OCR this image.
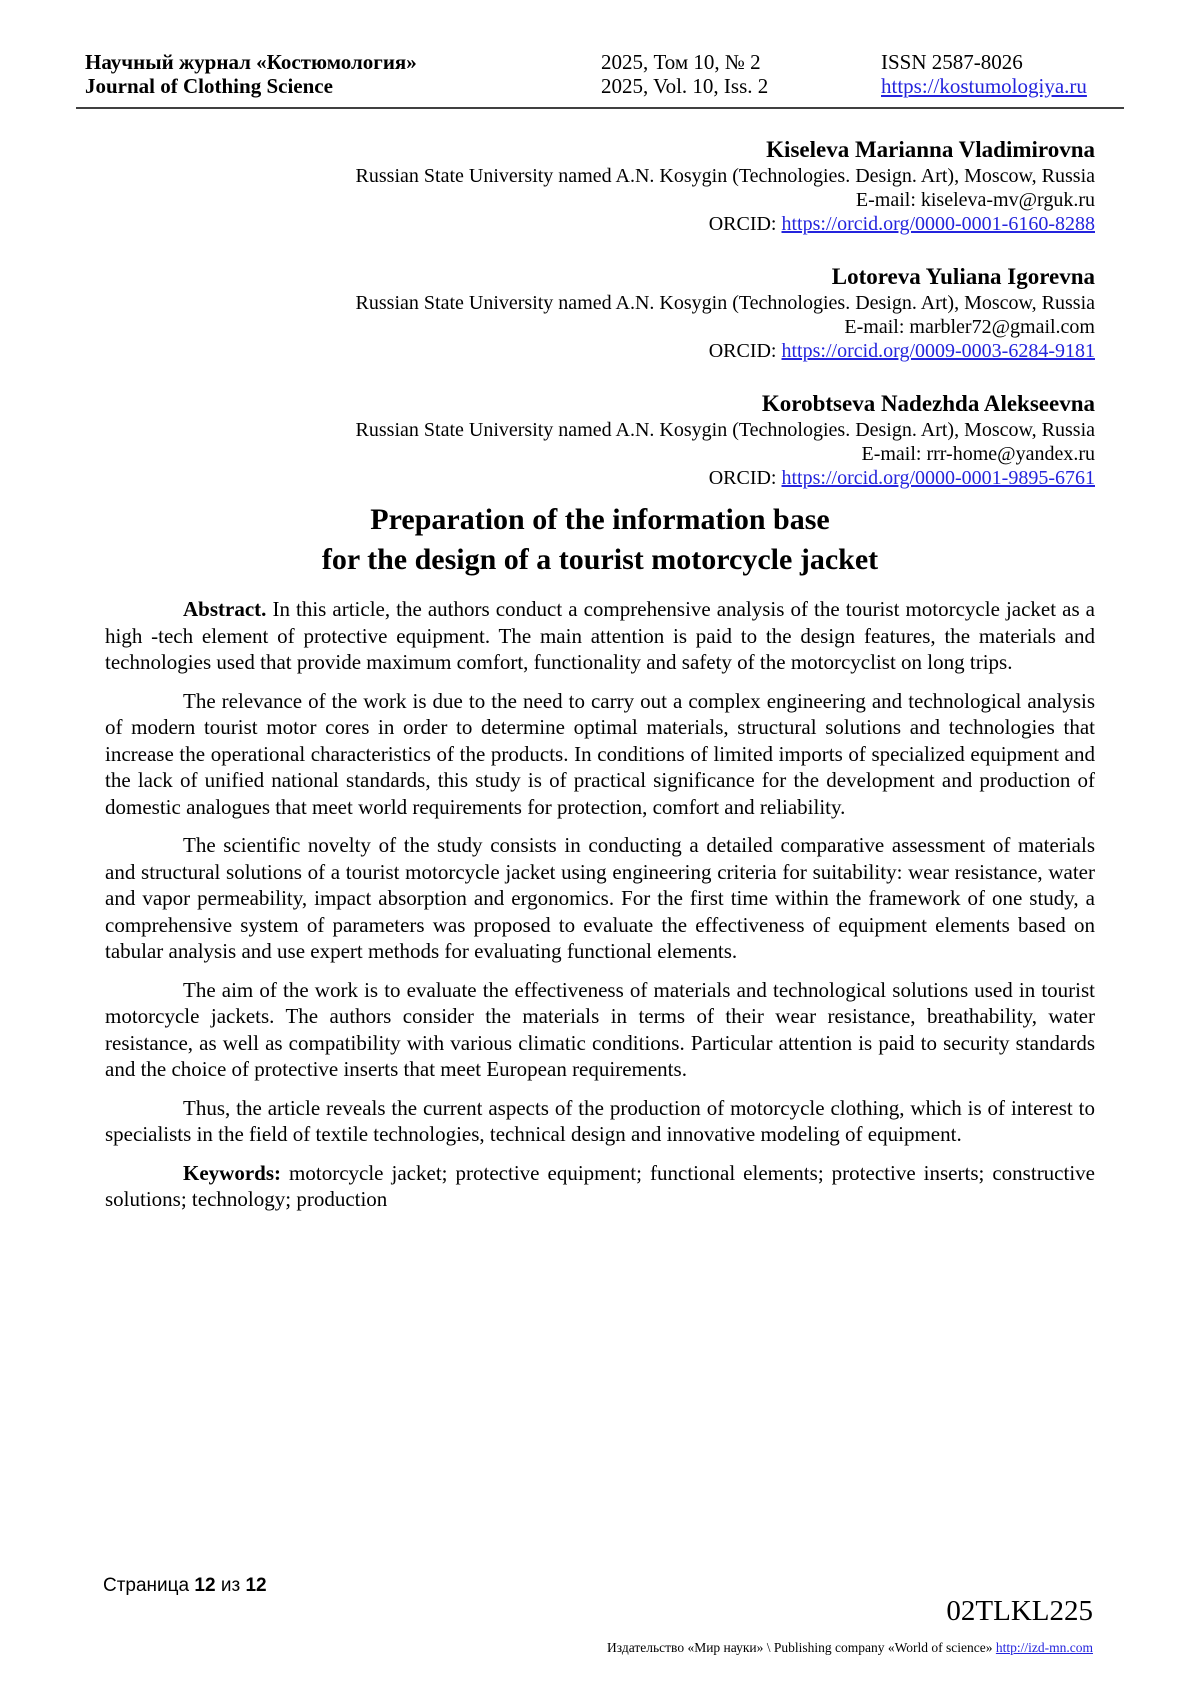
Научный журнал «Костюмология»
Journal of Clothing Science
2025, Том 10, № 2
2025, Vol. 10, Iss. 2
ISSN 2587-8026
https://kostumologiya.ru
Kiseleva Marianna Vladimirovna
Russian State University named A.N. Kosygin (Technologies. Design. Art), Moscow, Russia
E-mail: kiseleva-mv@rguk.ru
ORCID: https://orcid.org/0000-0001-6160-8288
Lotoreva Yuliana Igorevna
Russian State University named A.N. Kosygin (Technologies. Design. Art), Moscow, Russia
E-mail: marbler72@gmail.com
ORCID: https://orcid.org/0009-0003-6284-9181
Korobtseva Nadezhda Alekseevna
Russian State University named A.N. Kosygin (Technologies. Design. Art), Moscow, Russia
E-mail: rrr-home@yandex.ru
ORCID: https://orcid.org/0000-0001-9895-6761
Preparation of the information base
for the design of a tourist motorcycle jacket

Abstract. In this article, the authors conduct a comprehensive analysis of the tourist motorcycle jacket as a high -tech element of protective equipment. The main attention is paid to the design features, the materials and technologies used that provide maximum comfort, functionality and safety of the motorcyclist on long trips.

The relevance of the work is due to the need to carry out a complex engineering and technological analysis of modern tourist motor cores in order to determine optimal materials, structural solutions and technologies that increase the operational characteristics of the products. In conditions of limited imports of specialized equipment and the lack of unified national standards, this study is of practical significance for the development and production of domestic analogues that meet world requirements for protection, comfort and reliability.

The scientific novelty of the study consists in conducting a detailed comparative assessment of materials and structural solutions of a tourist motorcycle jacket using engineering criteria for suitability: wear resistance, water and vapor permeability, impact absorption and ergonomics. For the first time within the framework of one study, a comprehensive system of parameters was proposed to evaluate the effectiveness of equipment elements based on tabular analysis and use expert methods for evaluating functional elements.

The aim of the work is to evaluate the effectiveness of materials and technological solutions used in tourist motorcycle jackets. The authors consider the materials in terms of their wear resistance, breathability, water resistance, as well as compatibility with various climatic conditions. Particular attention is paid to security standards and the choice of protective inserts that meet European requirements.

Thus, the article reveals the current aspects of the production of motorcycle clothing, which is of interest to specialists in the field of textile technologies, technical design and innovative modeling of equipment.

Keywords: motorcycle jacket; protective equipment; functional elements; protective inserts; constructive solutions; technology; production

Страница 12 из 12
02TLKL225
Издательство «Мир науки» \ Publishing company «World of science» http://izd-mn.com
